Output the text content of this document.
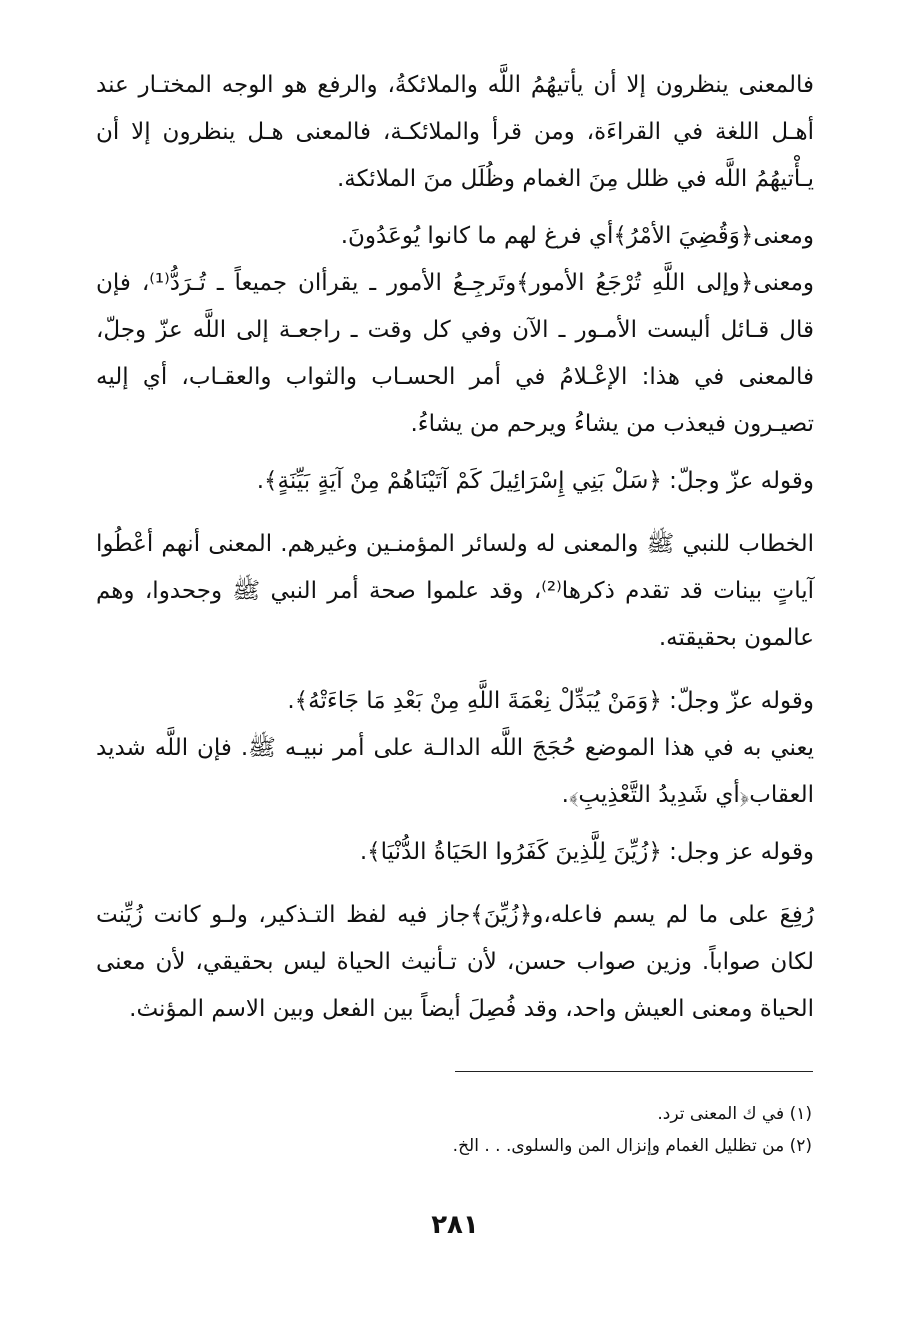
فالمعنى ينظرون إلا أن يأتيهُمُ اللَّه والملائكةُ، والرفع هو الوجه المختـار عند أهـل اللغة في القراءَة، ومن قرأ والملائكـة، فالمعنى هـل ينظرون إلا أن يـأْتيهُمُ اللَّه في ظلل مِنَ الغمام وظُلَل منَ الملائكة.

ومعنى﴿وَقُضِيَ الأمْرُ﴾أي فرغ لهم ما كانوا يُوعَدُونَ.

ومعنى﴿وإلى اللَّهِ تُرْجَعُ الأمور﴾وتَرجِـعُ الأمور ـ يقرأان جميعاً ـ تُـرَدُّ⁽¹⁾، فإن قال قـائل أليست الأمـور ـ الآن وفي كل وقت ـ راجعـة إلى اللَّه عزّ وجلّ، فالمعنى في هذا: الإعْـلامُ في أمر الحسـاب والثواب والعقـاب، أي إليه تصيـرون فيعذب من يشاءُ ويرحم من يشاءُ.

وقوله عزّ وجلّ: ﴿سَلْ بَنِي إِسْرَائِيلَ كَمْ آتَيْنَاهُمْ مِنْ آيَةٍ بَيِّنَةٍ﴾.

الخطاب للنبي ﷺ والمعنى له ولسائر المؤمنـين وغيرهم. المعنى أنهم أعْطُوا آياتٍ بينات قد تقدم ذكرها⁽²⁾، وقد علموا صحة أمر النبي ﷺ وجحدوا، وهم عالمون بحقيقته.

وقوله عزّ وجلّ: ﴿وَمَنْ يُبَدِّلْ نِعْمَةَ اللَّهِ مِنْ بَعْدِ مَا جَاءَتْهُ﴾.

يعني به في هذا الموضع حُجَجَ اللَّه الدالـة على أمر نبيـه ﷺ. فإن اللَّه شديد العقاب﴿أي شَدِيدُ التَّعْذِيبِ﴾.

وقوله عز وجل: ﴿زُيِّنَ لِلَّذِينَ كَفَرُوا الحَيَاةُ الدُّنْيَا﴾.

رُفِعَ على ما لم يسم فاعله،و﴿زُيِّنَ﴾جاز فيه لفظ التـذكير، ولـو كانت زُيِّنت لكان صواباً. وزين صواب حسن، لأن تـأنيث الحياة ليس بحقيقي، لأن معنى الحياة ومعنى العيش واحد، وقد فُصِلَ أيضاً بين الفعل وبين الاسم المؤنث.

(١) في ك المعنى ترد.

(٢) من تظليل الغمام وإنزال المن والسلوى. . . الخ.

٢٨١
